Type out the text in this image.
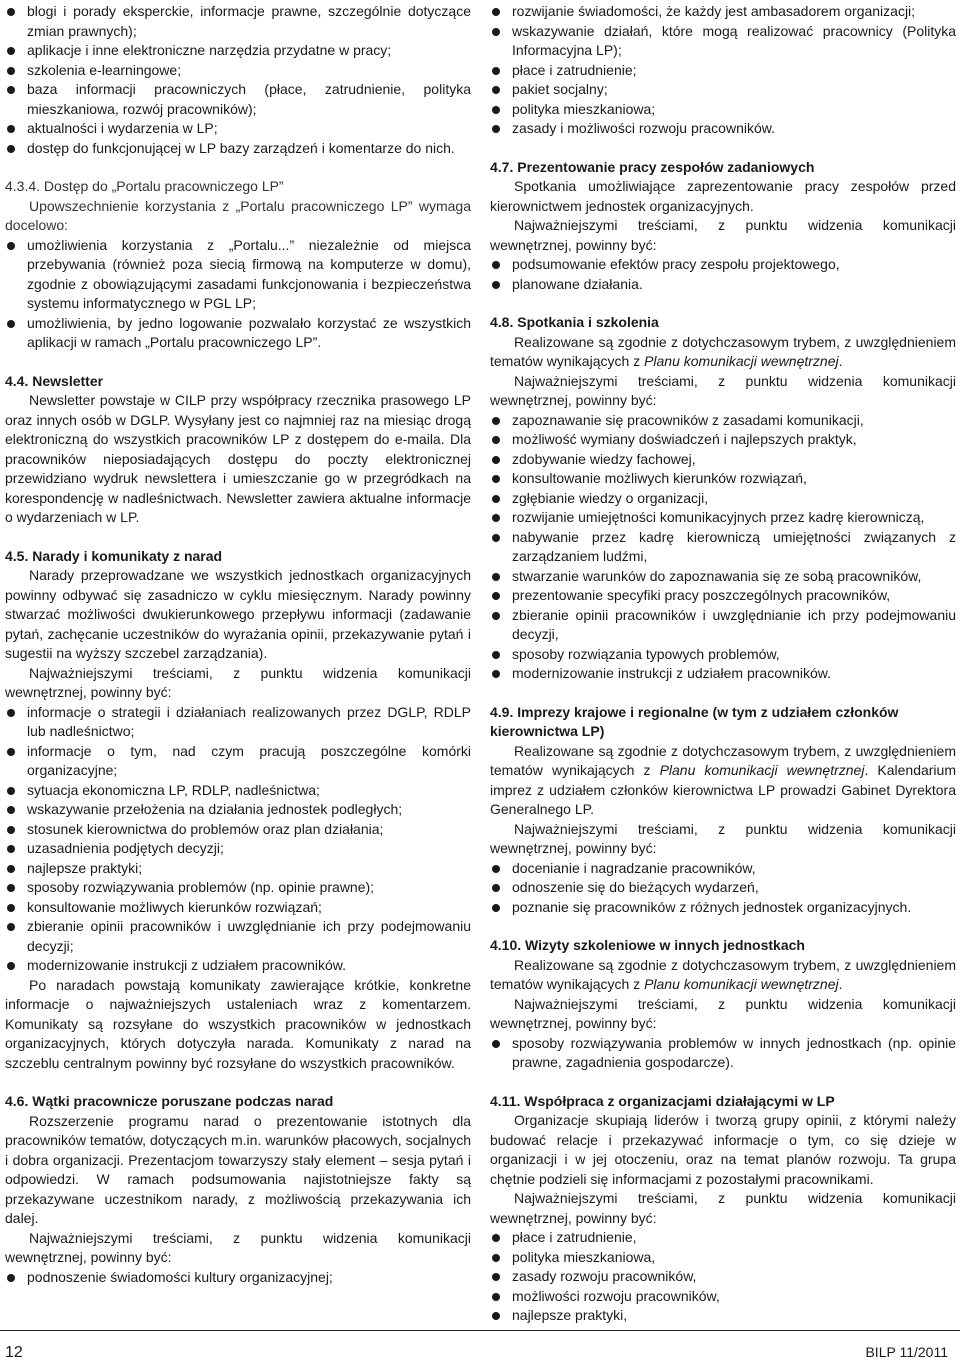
blogi i porady eksperckie, informacje prawne, szczególnie dotyczące zmian prawnych);
aplikacje i inne elektroniczne narzędzia przydatne w pracy;
szkolenia e-learningowe;
baza informacji pracowniczych (płace, zatrudnienie, polityka mieszkaniowa, rozwój pracowników);
aktualności i wydarzenia w LP;
dostęp do funkcjonującej w LP bazy zarządzeń i komentarze do nich.

4.3.4. Dostęp do „Portalu pracowniczego LP”

Upowszechnienie korzystania z „Portalu pracowniczego LP” wymaga docelowo:

umożliwienia korzystania z „Portalu...” niezależnie od miejsca przebywania (również poza siecią firmową na komputerze w domu), zgodnie z obowiązującymi zasadami funkcjonowania i bezpieczeństwa systemu informatycznego w PGL LP;
umożliwienia, by jedno logowanie pozwalało korzystać ze wszystkich aplikacji w ramach „Portalu pracowniczego LP”.
4.4. Newsletter

Newsletter powstaje w CILP przy współpracy rzecznika prasowego LP oraz innych osób w DGLP. Wysyłany jest co najmniej raz na miesiąc drogą elektroniczną do wszystkich pracowników LP z dostępem do e-maila. Dla pracowników nieposiadających dostępu do poczty elektronicznej przewidziano wydruk newslettera i umieszczanie go w przegródkach na korespondencję w nadleśnictwach. Newsletter zawiera aktualne informacje o wydarzeniach w LP.

4.5. Narady i komunikaty z narad

Narady przeprowadzane we wszystkich jednostkach organizacyjnych powinny odbywać się zasadniczo w cyklu miesięcznym. Narady powinny stwarzać możliwości dwukierunkowego przepływu informacji (zadawanie pytań, zachęcanie uczestników do wyrażania opinii, przekazywanie pytań i sugestii na wyższy szczebel zarządzania).

Najważniejszymi treściami, z punktu widzenia komunikacji wewnętrznej, powinny być:

informacje o strategii i działaniach realizowanych przez DGLP, RDLP lub nadleśnictwo;
informacje o tym, nad czym pracują poszczególne komórki organizacyjne;
sytuacja ekonomiczna LP, RDLP, nadleśnictwa;
wskazywanie przełożenia na działania jednostek podległych;
stosunek kierownictwa do problemów oraz plan działania;
uzasadnienia podjętych decyzji;
najlepsze praktyki;
sposoby rozwiązywania problemów (np. opinie prawne);
konsultowanie możliwych kierunków rozwiązań;
zbieranie opinii pracowników i uwzględnianie ich przy podejmowaniu decyzji;
modernizowanie instrukcji z udziałem pracowników.

Po naradach powstają komunikaty zawierające krótkie, konkretne informacje o najważniejszych ustaleniach wraz z komentarzem. Komunikaty są rozsyłane do wszystkich pracowników w jednostkach organizacyjnych, których dotyczyła narada. Komunikaty z narad na szczeblu centralnym powinny być rozsyłane do wszystkich pracowników.

4.6. Wątki pracownicze poruszane podczas narad

Rozszerzenie programu narad o prezentowanie istotnych dla pracowników tematów, dotyczących m.in. warunków płacowych, socjalnych i dobra organizacji. Prezentacjom towarzyszy stały element – sesja pytań i odpowiedzi. W ramach podsumowania najistotniejsze fakty są przekazywane uczestnikom narady, z możliwością przekazywania ich dalej.

Najważniejszymi treściami, z punktu widzenia komunikacji wewnętrznej, powinny być:

podnoszenie świadomości kultury organizacyjnej;
rozwijanie świadomości, że każdy jest ambasadorem organizacji;
wskazywanie działań, które mogą realizować pracownicy (Polityka Informacyjna LP);
płace i zatrudnienie;
pakiet socjalny;
polityka mieszkaniowa;
zasady i możliwości rozwoju pracowników.
4.7. Prezentowanie pracy zespołów zadaniowych

Spotkania umożliwiające zaprezentowanie pracy zespołów przed kierownictwem jednostek organizacyjnych.

Najważniejszymi treściami, z punktu widzenia komunikacji wewnętrznej, powinny być:

podsumowanie efektów pracy zespołu projektowego,
planowane działania.
4.8. Spotkania i szkolenia

Realizowane są zgodnie z dotychczasowym trybem, z uwzględnieniem tematów wynikających z Planu komunikacji wewnętrznej.

Najważniejszymi treściami, z punktu widzenia komunikacji wewnętrznej, powinny być:

zapoznawanie się pracowników z zasadami komunikacji,
możliwość wymiany doświadczeń i najlepszych praktyk,
zdobywanie wiedzy fachowej,
konsultowanie możliwych kierunków rozwiązań,
zgłębianie wiedzy o organizacji,
rozwijanie umiejętności komunikacyjnych przez kadrę kierowniczą,
nabywanie przez kadrę kierowniczą umiejętności związanych z zarządzaniem ludźmi,
stwarzanie warunków do zapoznawania się ze sobą pracowników,
prezentowanie specyfiki pracy poszczególnych pracowników,
zbieranie opinii pracowników i uwzględnianie ich przy podejmowaniu decyzji,
sposoby rozwiązania typowych problemów,
modernizowanie instrukcji z udziałem pracowników.
4.9. Imprezy krajowe i regionalne (w tym z udziałem członków kierownictwa LP)

Realizowane są zgodnie z dotychczasowym trybem, z uwzględnieniem tematów wynikających z Planu komunikacji wewnętrznej. Kalendarium imprez z udziałem członków kierownictwa LP prowadzi Gabinet Dyrektora Generalnego LP.

Najważniejszymi treściami, z punktu widzenia komunikacji wewnętrznej, powinny być:

docenianie i nagradzanie pracowników,
odnoszenie się do bieżących wydarzeń,
poznanie się pracowników z różnych jednostek organizacyjnych.
4.10. Wizyty szkoleniowe w innych jednostkach

Realizowane są zgodnie z dotychczasowym trybem, z uwzględnieniem tematów wynikających z Planu komunikacji wewnętrznej.

Najważniejszymi treściami, z punktu widzenia komunikacji wewnętrznej, powinny być:

sposoby rozwiązywania problemów w innych jednostkach (np. opinie prawne, zagadnienia gospodarcze).
4.11. Współpraca z organizacjami działającymi w LP

Organizacje skupiają liderów i tworzą grupy opinii, z którymi należy budować relacje i przekazywać informacje o tym, co się dzieje w organizacji i w jej otoczeniu, oraz na temat planów rozwoju. Ta grupa chętnie podzieli się informacjami z pozostałymi pracownikami.

Najważniejszymi treściami, z punktu widzenia komunikacji wewnętrznej, powinny być:

płace i zatrudnienie,
polityka mieszkaniowa,
zasady rozwoju pracowników,
możliwości rozwoju pracowników,
najlepsze praktyki,
12	BILP 11/2011
